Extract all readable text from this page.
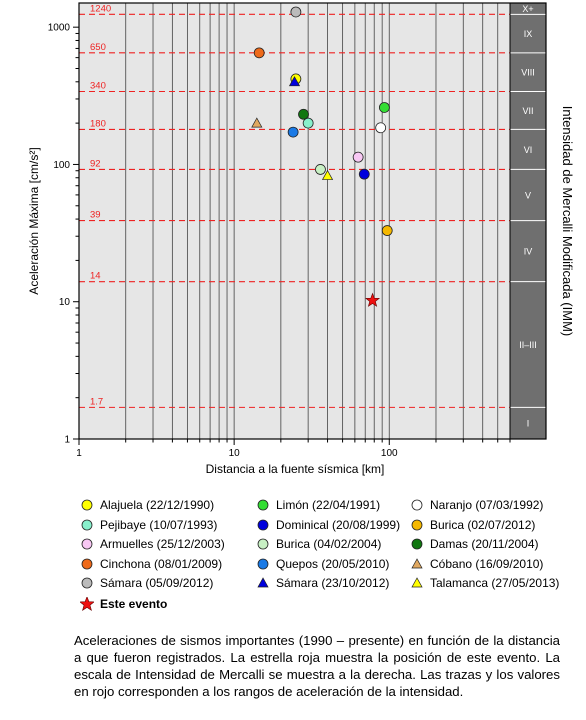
X+
IX
VIII
VII
VI
V
IV
II–III
I
1240
650
340
180
92
39
14
1.7
1	10	100
1
10
100
1000
Distancia a la fuente sísmica [km]
Aceleración Máxima [cm/s²]	Intensidad de Mercalli Modificada (IMM)
Alajuela (22/12/1990)	Limón (22/04/1991)	Naranjo (07/03/1992)
Pejibaye (10/07/1993)	Dominical (20/08/1999) Burica (02/07/2012)
Armuelles (25/12/2003)	Burica (04/02/2004)	Damas (20/11/2004)
Cinchona (08/01/2009)	Quepos (20/05/2010)	Cóbano (16/09/2010)
Sámara (05/09/2012)	Sámara (23/10/2012)	Talamanca (27/05/2013)
Este evento

Aceleraciones de sismos importantes (1990 – presente) en función de la distancia a que fueron registrados. La estrella roja muestra la posición de este evento. La escala de Intensidad de Mercalli se muestra a la derecha. Las trazas y los valores en rojo corresponden a los rangos de aceleración de la intensidad.
